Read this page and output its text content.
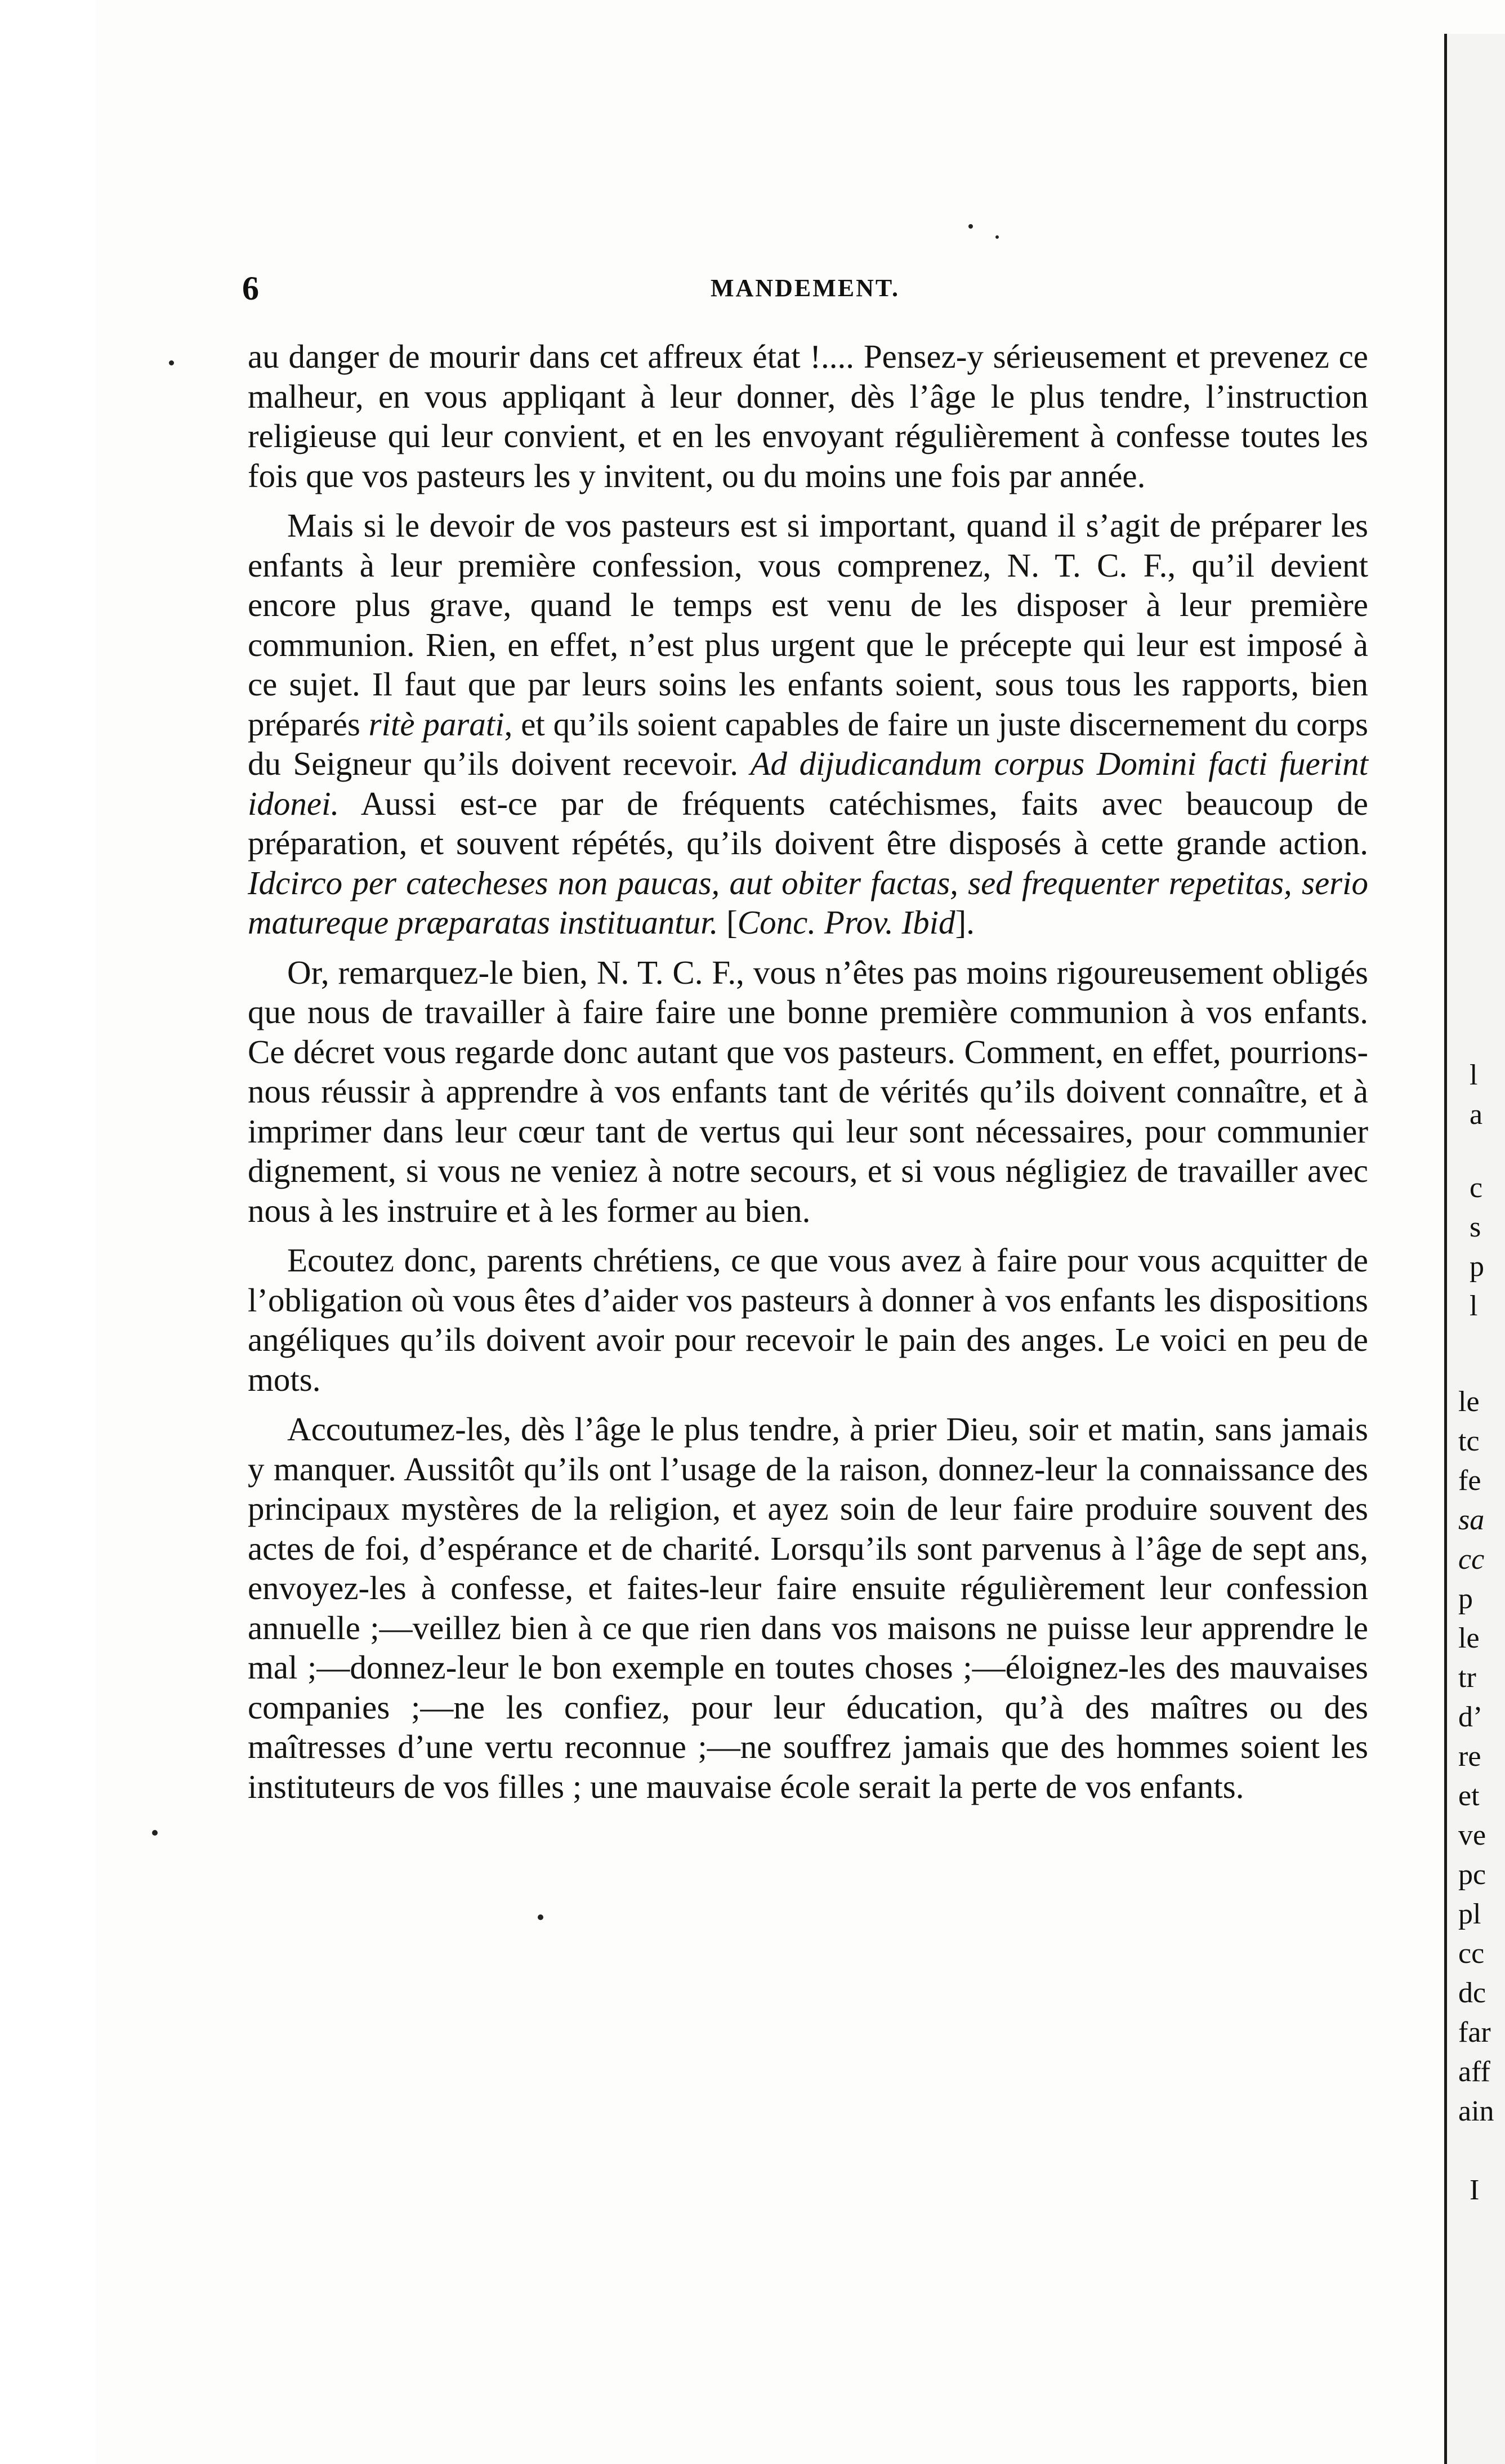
6	MANDEMENT.

au danger de mourir dans cet affreux état !.... Pensez-y sérieusement et prevenez ce malheur, en vous appliqant à leur donner, dès l’âge le plus tendre, l’instruction religieuse qui leur convient, et en les envoyant régulièrement à confesse toutes les fois que vos pasteurs les y invitent, ou du moins une fois par année.

Mais si le devoir de vos pasteurs est si important, quand il s’agit de préparer les enfants à leur première confession, vous comprenez, N. T. C. F., qu’il devient encore plus grave, quand le temps est venu de les disposer à leur première communion. Rien, en effet, n’est plus urgent que le précepte qui leur est imposé à ce sujet. Il faut que par leurs soins les enfants soient, sous tous les rapports, bien préparés ritè parati, et qu’ils soient capables de faire un juste discernement du corps du Seigneur qu’ils doivent recevoir. Ad dijudicandum corpus Domini facti fuerint idonei. Aussi est-ce par de fréquents catéchismes, faits avec beaucoup de préparation, et souvent répétés, qu’ils doivent être disposés à cette grande action. Idcirco per catecheses non paucas, aut obiter factas, sed frequenter repetitas, serio matureque præparatas instituantur. [Conc. Prov. Ibid].

Or, remarquez-le bien, N. T. C. F., vous n’êtes pas moins rigoureusement obligés que nous de travailler à faire faire une bonne première communion à vos enfants. Ce décret vous regarde donc autant que vos pasteurs. Comment, en effet, pourrions-nous réussir à apprendre à vos enfants tant de vérités qu’ils doivent connaître, et à imprimer dans leur cœur tant de vertus qui leur sont nécessaires, pour communier dignement, si vous ne veniez à notre secours, et si vous négligiez de travailler avec nous à les instruire et à les former au bien.

Ecoutez donc, parents chrétiens, ce que vous avez à faire pour vous acquitter de l’obligation où vous êtes d’aider vos pasteurs à donner à vos enfants les dispositions angéliques qu’ils doivent avoir pour recevoir le pain des anges. Le voici en peu de mots.

Accoutumez-les, dès l’âge le plus tendre, à prier Dieu, soir et matin, sans jamais y manquer. Aussitôt qu’ils ont l’usage de la raison, donnez-leur la connaissance des principaux mystères de la religion, et ayez soin de leur faire produire souvent des actes de foi, d’espérance et de charité. Lorsqu’ils sont parvenus à l’âge de sept ans, envoyez-les à confesse, et faites-leur faire ensuite régulièrement leur confession annuelle ;—veillez bien à ce que rien dans vos maisons ne puisse leur apprendre le mal ;—donnez-leur le bon exemple en toutes choses ;—éloignez-les des mauvaises companies ;—ne les confiez, pour leur éducation, qu’à des maîtres ou des maîtresses d’une vertu reconnue ;—ne souffrez jamais que des hommes soient les instituteurs de vos filles ; une mauvaise école serait la perte de vos enfants.

l
a
c
s
p
l
le
tc
fe
sa
cc
p
le
tr
d’
re
et
ve
pc
pl
cc
dc
far
aff
ain
I
